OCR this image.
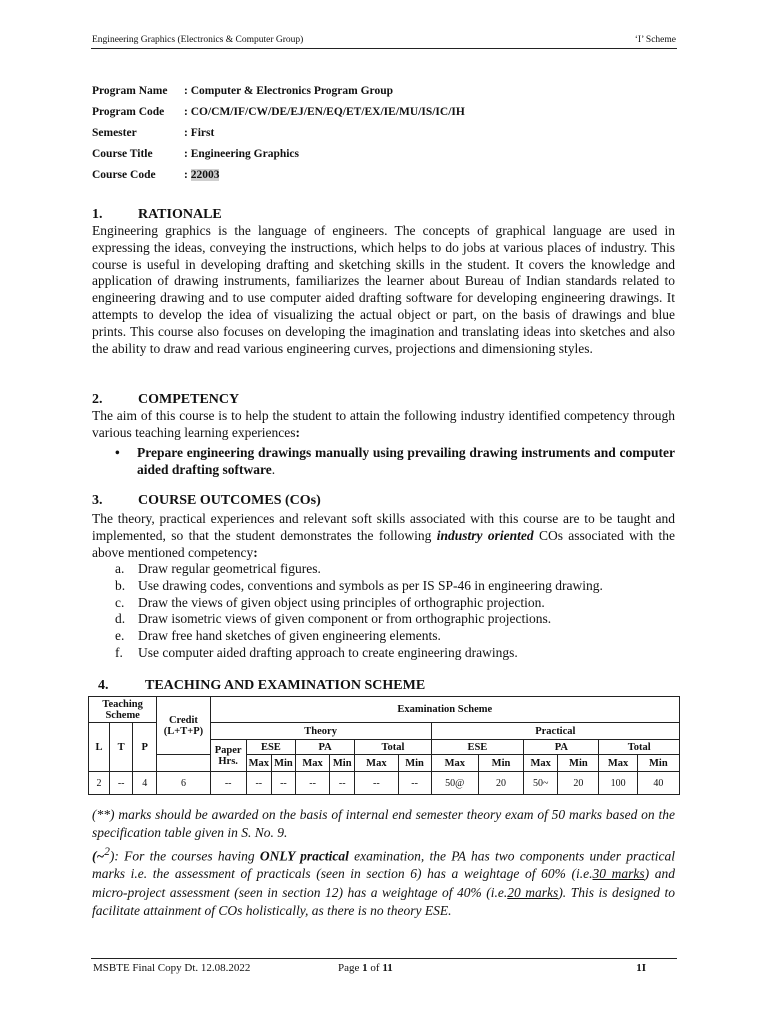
Engineering Graphics (Electronics & Computer Group)	‘I’ Scheme
Program Name	: Computer & Electronics Program Group
Program Code	: CO/CM/IF/CW/DE/EJ/EN/EQ/ET/EX/IE/MU/IS/IC/IH
Semester	: First
Course Title	: Engineering Graphics
Course Code	: 22003
1.	RATIONALE
Engineering graphics is the language of engineers. The concepts of graphical language are used in expressing the ideas, conveying the instructions, which helps to do jobs at various places of industry. This course is useful in developing drafting and sketching skills in the student. It covers the knowledge and application of drawing instruments, familiarizes the learner about Bureau of Indian standards related to engineering drawing and to use computer aided drafting software for developing engineering drawings. It attempts to develop the idea of visualizing the actual object or part, on the basis of drawings and blue prints. This course also focuses on developing the imagination and translating ideas into sketches and also the ability to draw and read various engineering curves, projections and dimensioning styles.
2.	COMPETENCY
The aim of this course is to help the student to attain the following industry identified competency through various teaching learning experiences:
•	Prepare engineering drawings manually using prevailing drawing instruments and computer aided drafting software.
3.	COURSE OUTCOMES (COs)
The theory, practical experiences and relevant soft skills associated with this course are to be taught and implemented, so that the student demonstrates the following industry oriented COs associated with the above mentioned competency:
a.	Draw regular geometrical figures.
b. Use drawing codes, conventions and symbols as per IS SP-46 in engineering drawing.
c.	Draw the views of given object using principles of orthographic projection.
d. Draw isometric views of given component or from orthographic projections.
e.	Draw free hand sketches of given engineering elements.
f.	Use computer aided drafting approach to create engineering drawings.
4.	TEACHING AND EXAMINATION SCHEME
Teaching Scheme			Credit (L+T+P)	Examination Scheme												
L	T	P		Theory							Practical					
				Paper Hrs.	ESE		PA		Total		ESE		PA		Total	
					Max	Min	Max	Min	Max	Min	Max	Min	Max	Min	Max	Min
2	--	4	6	--	--	--	--	--	--	--	50@	20	50~	20	100	40
(**) marks should be awarded on the basis of internal end semester theory exam of 50 marks based on the specification table given in S. No. 9.
(~$^2$): For the courses having ONLY practical examination, the PA has two components under practical marks i.e. the assessment of practicals (seen in section 6) has a weightage of 60% (i.e.30 marks) and micro-project assessment (seen in section 12) has a weightage of 40% (i.e.20 marks). This is designed to facilitate attainment of COs holistically, as there is no theory ESE.
MSBTE Final Copy Dt. 12.08.2022	Page 1 of 11	1I
